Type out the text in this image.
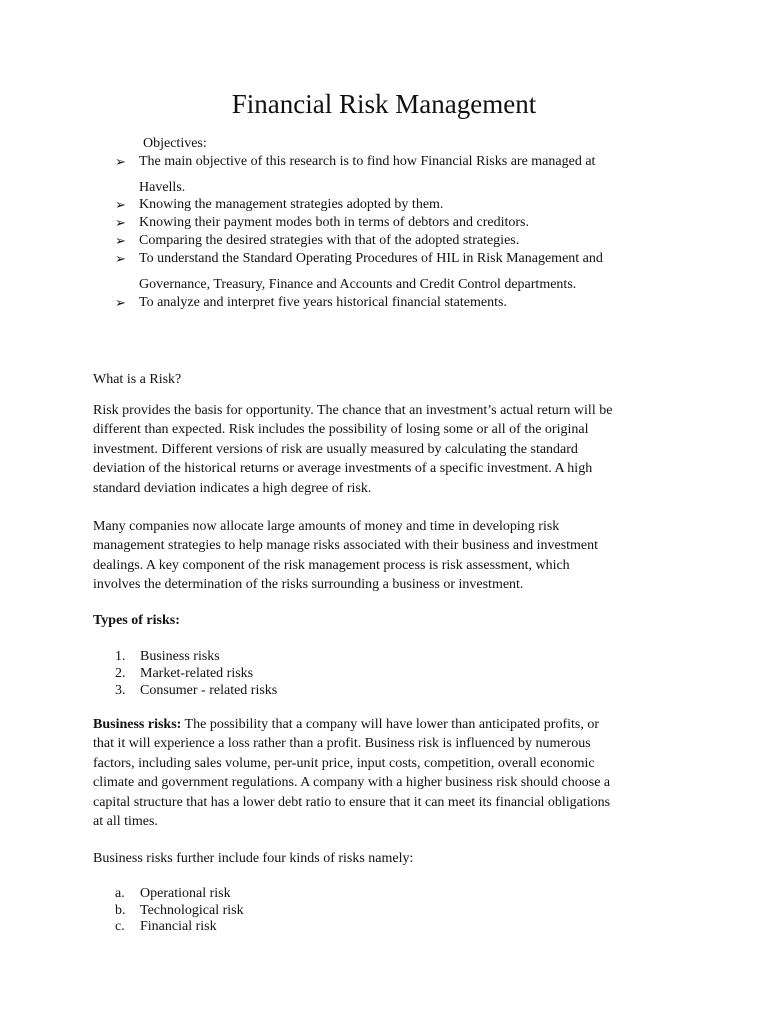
Financial Risk Management
Objectives:
➢ The main objective of this research is to find how Financial Risks are managed at
Havells.
➢ Knowing the management strategies adopted by them.
➢ Knowing their payment modes both in terms of debtors and creditors.
➢ Comparing the desired strategies with that of the adopted strategies.
➢ To understand the Standard Operating Procedures of HIL in Risk Management and
Governance, Treasury, Finance and Accounts and Credit Control departments.
➢ To analyze and interpret five years historical financial statements.
What is a Risk?
Risk provides the basis for opportunity. The chance that an investment’s actual return will be
different than expected. Risk includes the possibility of losing some or all of the original
investment. Different versions of risk are usually measured by calculating the standard
deviation of the historical returns or average investments of a specific investment. A high
standard deviation indicates a high degree of risk.
Many companies now allocate large amounts of money and time in developing risk
management strategies to help manage risks associated with their business and investment
dealings. A key component of the risk management process is risk assessment, which
involves the determination of the risks surrounding a business or investment.
Types of risks:
1. Business risks
2. Market-related risks
3. Consumer - related risks
Business risks: The possibility that a company will have lower than anticipated profits, or
that it will experience a loss rather than a profit. Business risk is influenced by numerous
factors, including sales volume, per-unit price, input costs, competition, overall economic
climate and government regulations. A company with a higher business risk should choose a
capital structure that has a lower debt ratio to ensure that it can meet its financial obligations
at all times.
Business risks further include four kinds of risks namely:
a. Operational risk
b. Technological risk
c. Financial risk
